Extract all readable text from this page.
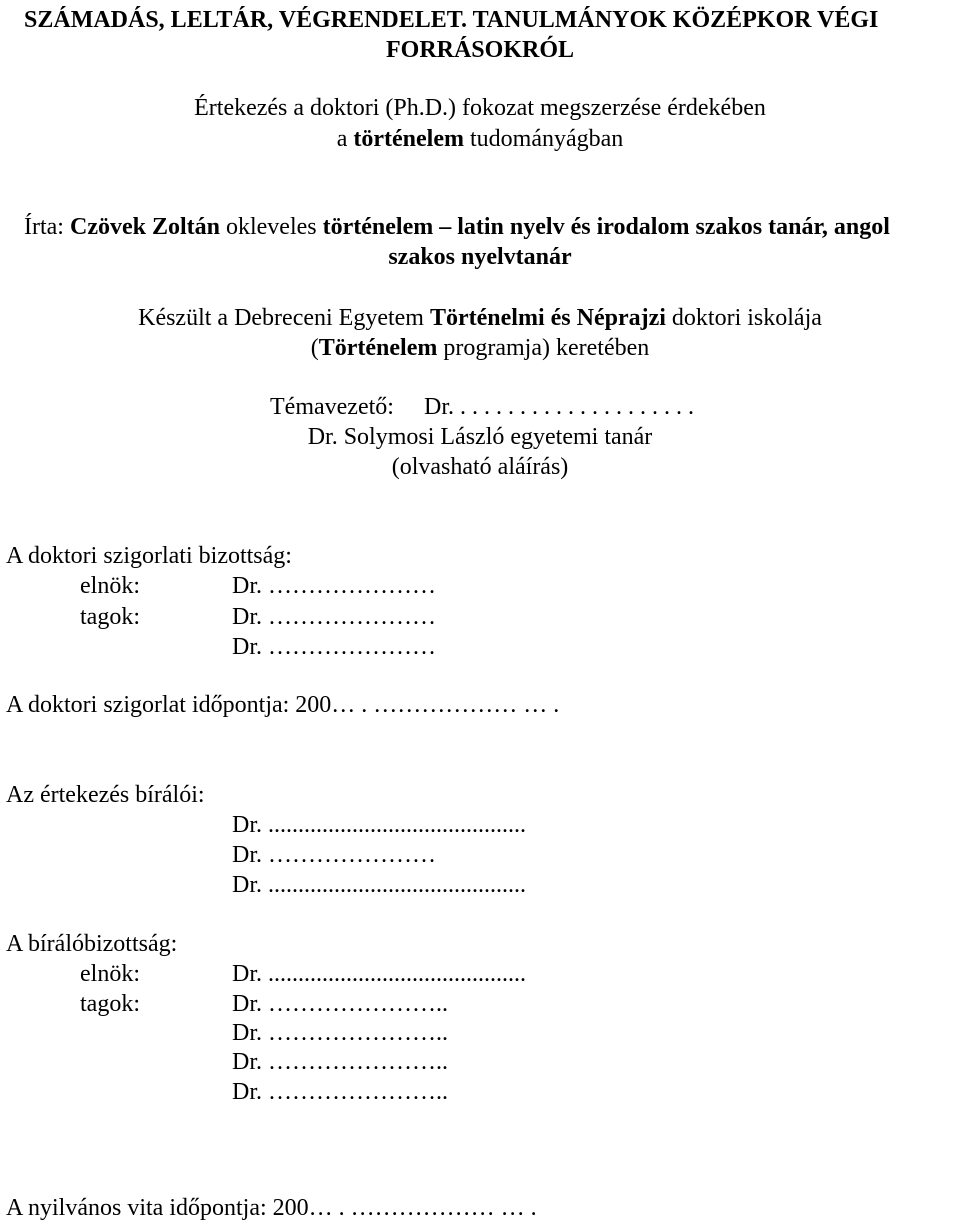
SZÁMADÁS, LELTÁR, VÉGRENDELET. TANULMÁNYOK KÖZÉPKOR VÉGI
FORRÁSOKRÓL
Értekezés a doktori (Ph.D.) fokozat megszerzése érdekében
a történelem tudományágban
Írta: Czövek Zoltán okleveles történelem – latin nyelv és irodalom szakos tanár, angol
szakos nyelvtanár
Készült a Debreceni Egyetem Történelmi és Néprajzi doktori iskolája
(Történelem programja) keretében
Témavezető: Dr. . . . . . . . . . . . . . . . . . . . .
Dr. Solymosi László egyetemi tanár
(olvasható aláírás)
A doktori szigorlati bizottság:
elnök:	Dr. …………………
tagok:	Dr. …………………
Dr. …………………
A doktori szigorlat időpontja: 200… . ……………… … .
Az értekezés bírálói:
Dr. ...........................................
Dr. …………………
Dr. ...........................................
A bírálóbizottság:
elnök:	Dr. ...........................................
tagok:	Dr. …………………..
Dr. …………………..
Dr. …………………..
Dr. …………………..
A nyilvános vita időpontja: 200… . ……………… … .
